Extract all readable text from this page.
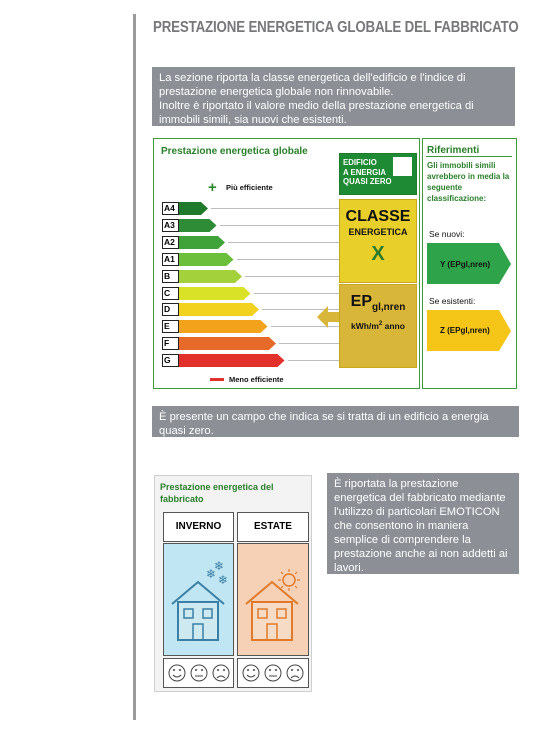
PRESTAZIONE ENERGETICA GLOBALE DEL FABBRICATO
La sezione riporta la classe energetica dell'edificio e l'indice di prestazione energetica globale non rinnovabile.
Inoltre è riportato il valore medio della prestazione energetica di immobili simili, sia nuovi che esistenti.
Prestazione energetica globale
+ Più efficiente
A4
A3
A2
A1
B
C
D
E
F
G
Meno efficiente
EDIFICIO
A ENERGIA
QUASI ZERO
CLASSE
ENERGETICA
X
$EP_{gl,nren}$
kWh/$m^2$ anno
Riferimenti
Gli immobili simili avrebbero in media la seguente classificazione:
Se nuovi:
Y (EPgl,nren)
Se esistenti:
Z (EPgl,nren)
È presente un campo che indica se si tratta di un edificio a energia quasi zero.
Prestazione energetica del fabbricato
INVERNO	ESTATE
❄ ❄
❄
È riportata la prestazione energetica del fabbricato mediante l'utilizzo di particolari EMOTICON che consentono in maniera semplice di comprendere la prestazione anche ai non addetti ai lavori.
